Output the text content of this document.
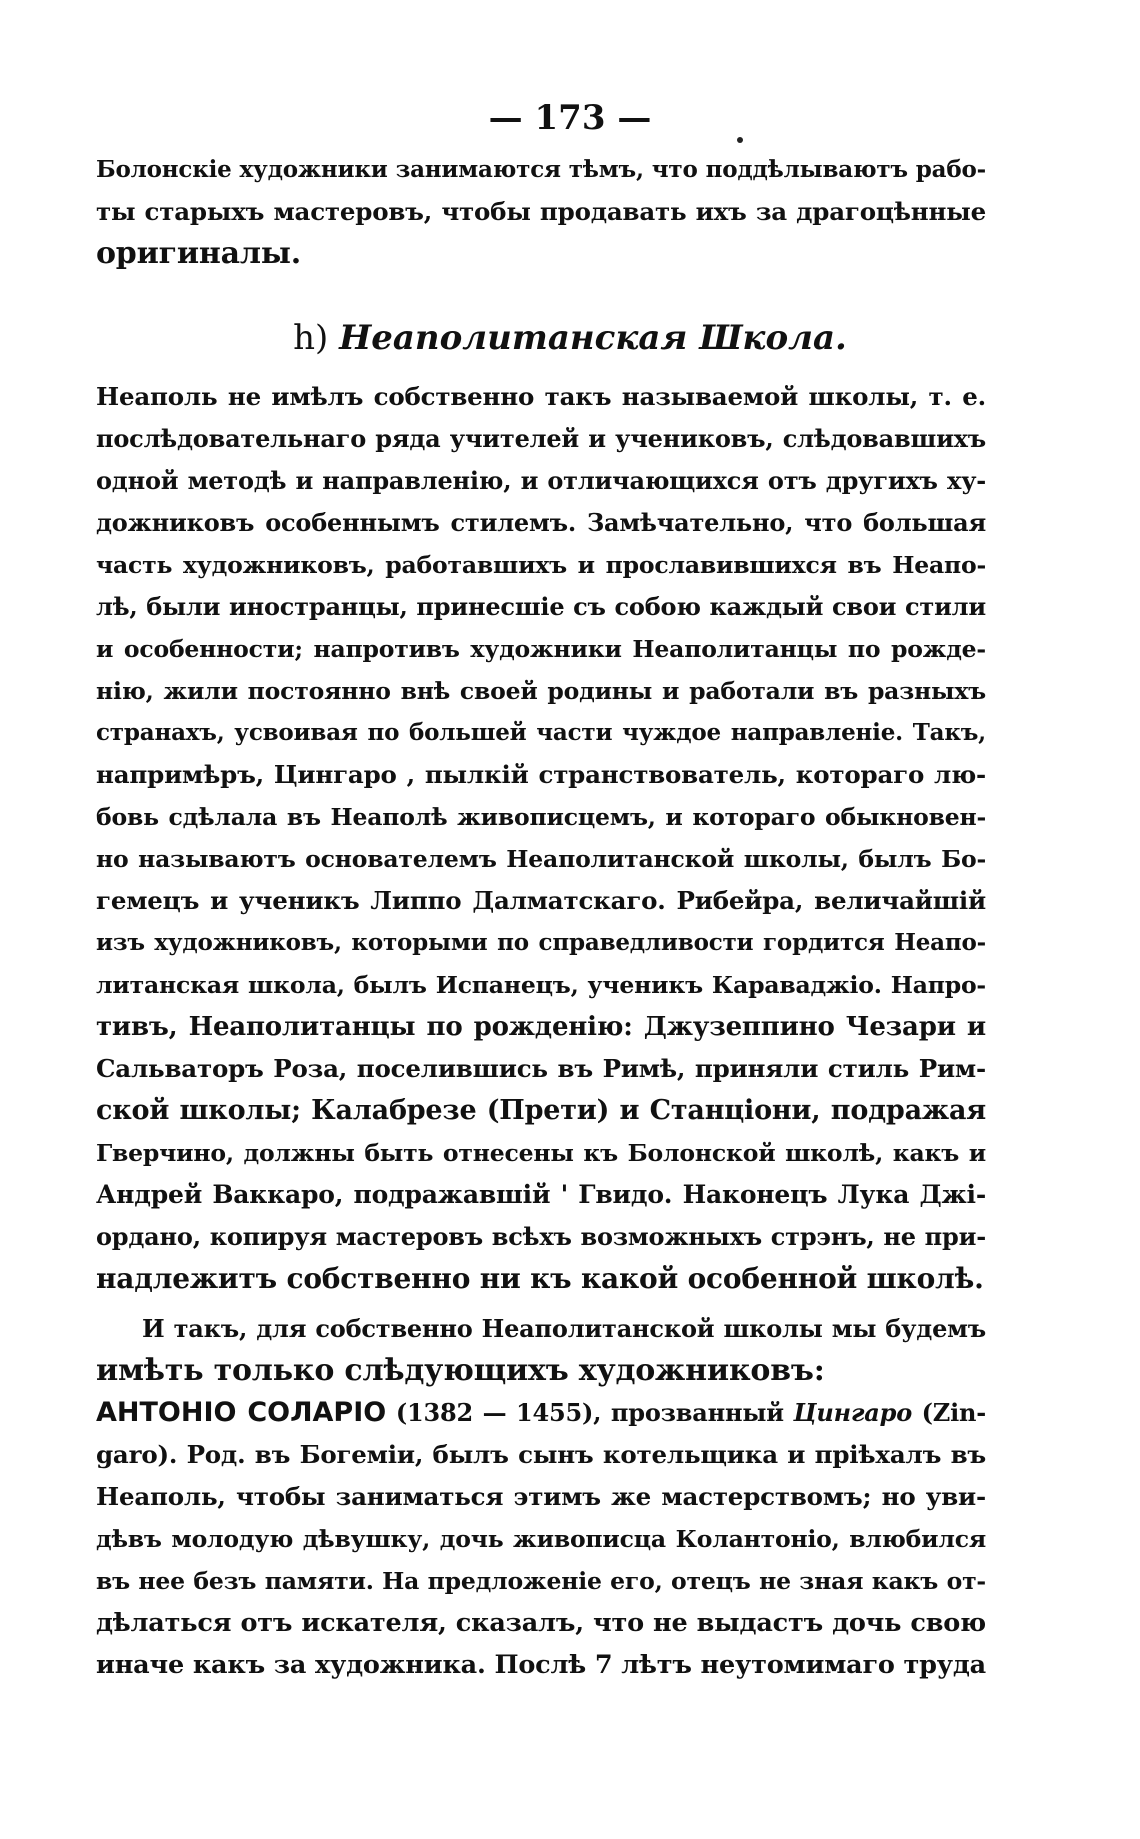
— 173 —
Болонскіе художники занимаются тѣмъ, что поддѣлываютъ рабо-
ты старыхъ мастеровъ, чтобы продавать ихъ за драгоцѣнные
оригиналы.
h) Неаполитанская Школа.
Неаполь не имѣлъ собственно такъ называемой школы, т. е.
послѣдовательнаго ряда учителей и учениковъ, слѣдовавшихъ
одной методѣ и направленію, и отличающихся отъ другихъ ху-
дожниковъ особеннымъ стилемъ. Замѣчательно, что большая
часть художниковъ, работавшихъ и прославившихся въ Неапо-
лѣ, были иностранцы, принесшіе съ собою каждый свои стили
и особенности; напротивъ художники Неаполитанцы по рожде-
нію, жили постоянно внѣ своей родины и работали въ разныхъ
странахъ, усвоивая по большей части чуждое направленіе. Такъ,
напримѣръ, Цингаро , пылкій странствователь, котораго лю-
бовь сдѣлала въ Неаполѣ живописцемъ, и котораго обыкновен-
но называютъ основателемъ Неаполитанской школы, былъ Бо-
гемецъ и ученикъ Липпо Далматскаго. Рибейра, величайшій
изъ художниковъ, которыми по справедливости гордится Неапо-
литанская школа, былъ Испанецъ, ученикъ Караваджіо. Напро-
тивъ, Неаполитанцы по рожденію: Джузеппино Чезари и
Сальваторъ Роза, поселившись въ Римѣ, приняли стиль Рим-
ской школы; Калабрезе (Прети) и Станціони, подражая
Гверчино, должны быть отнесены къ Болонской школѣ, какъ и
Андрей Ваккаро, подражавшій ' Гвидо. Наконецъ Лука Джі-
ордано, копируя мастеровъ всѣхъ возможныхъ стрэнъ, не при-
надлежитъ собственно ни къ какой особенной школѣ.
И такъ, для собственно Неаполитанской школы мы будемъ
имѣть только слѣдующихъ художниковъ:
АНТОНІО СОЛАРІО (1382 — 1455), прозванный Цингаро (Zin-
garo). Род. въ Богеміи, былъ сынъ котельщика и пріѣхалъ въ
Неаполь, чтобы заниматься этимъ же мастерствомъ; но уви-
дѣвъ молодую дѣвушку, дочь живописца Колантоніо, влюбился
въ нее безъ памяти. На предложеніе его, отецъ не зная какъ от-
дѣлаться отъ искателя, сказалъ, что не выдастъ дочь свою
иначе какъ за художника. Послѣ 7 лѣтъ неутомимаго труда
